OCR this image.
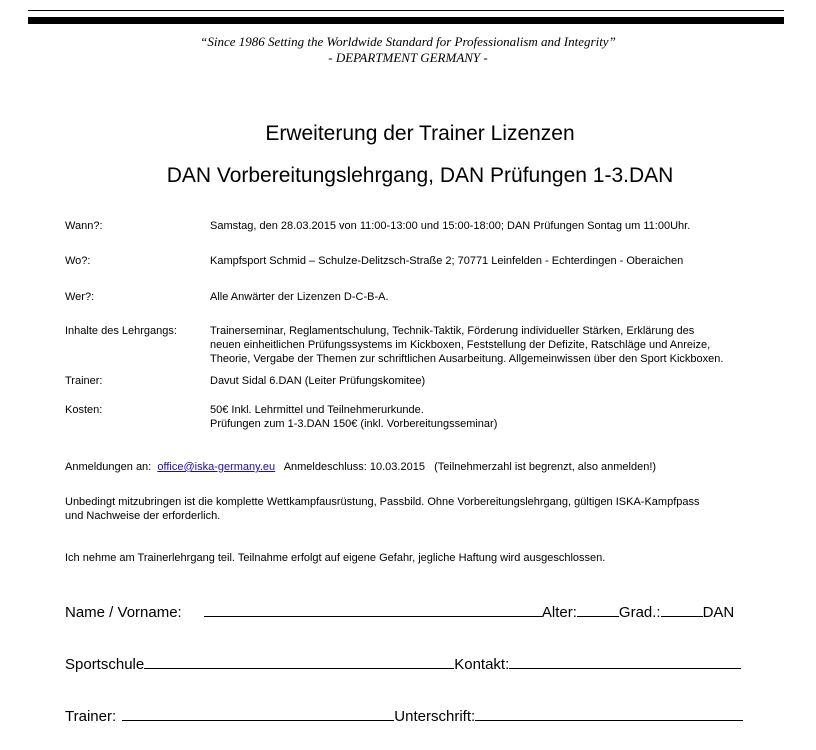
“Since 1986 Setting the Worldwide Standard for Professionalism and Integrity”
- DEPARTMENT GERMANY -
Erweiterung der Trainer Lizenzen
DAN Vorbereitungslehrgang, DAN Prüfungen 1-3.DAN
Wann?:	Samstag, den 28.03.2015 von 11:00-13:00 und 15:00-18:00; DAN Prüfungen Sontag um 11:00Uhr.
Wo?:	Kampfsport Schmid – Schulze-Delitzsch-Straße 2; 70771 Leinfelden - Echterdingen - Oberaichen
Wer?:	Alle Anwärter der Lizenzen D-C-B-A.
Inhalte des Lehrgangs:	Trainerseminar, Reglamentschulung, Technik-Taktik, Förderung individueller Stärken, Erklärung des
neuen einheitlichen Prüfungssystems im Kickboxen, Feststellung der Defizite, Ratschläge und Anreize,
Theorie, Vergabe der Themen zur schriftlichen Ausarbeitung. Allgemeinwissen über den Sport Kickboxen.
Trainer:	Davut Sidal 6.DAN (Leiter Prüfungskomitee)
Kosten:	50€ Inkl. Lehrmittel und Teilnehmerurkunde.
Prüfungen zum 1-3.DAN 150€ (inkl. Vorbereitungsseminar)
Anmeldungen an: office@iska-germany.eu Anmeldeschluss: 10.03.2015 (Teilnehmerzahl ist begrenzt, also anmelden!)
Unbedingt mitzubringen ist die komplette Wettkampfausrüstung, Passbild. Ohne Vorbereitungslehrgang, gültigen ISKA-Kampfpass
und Nachweise der erforderlich.
Ich nehme am Trainerlehrgang teil. Teilnahme erfolgt auf eigene Gefahr, jegliche Haftung wird ausgeschlossen.
Name / Vorname:	Alter:	Grad.:	DAN
Sportschule	Kontakt:
Trainer:	Unterschrift:
